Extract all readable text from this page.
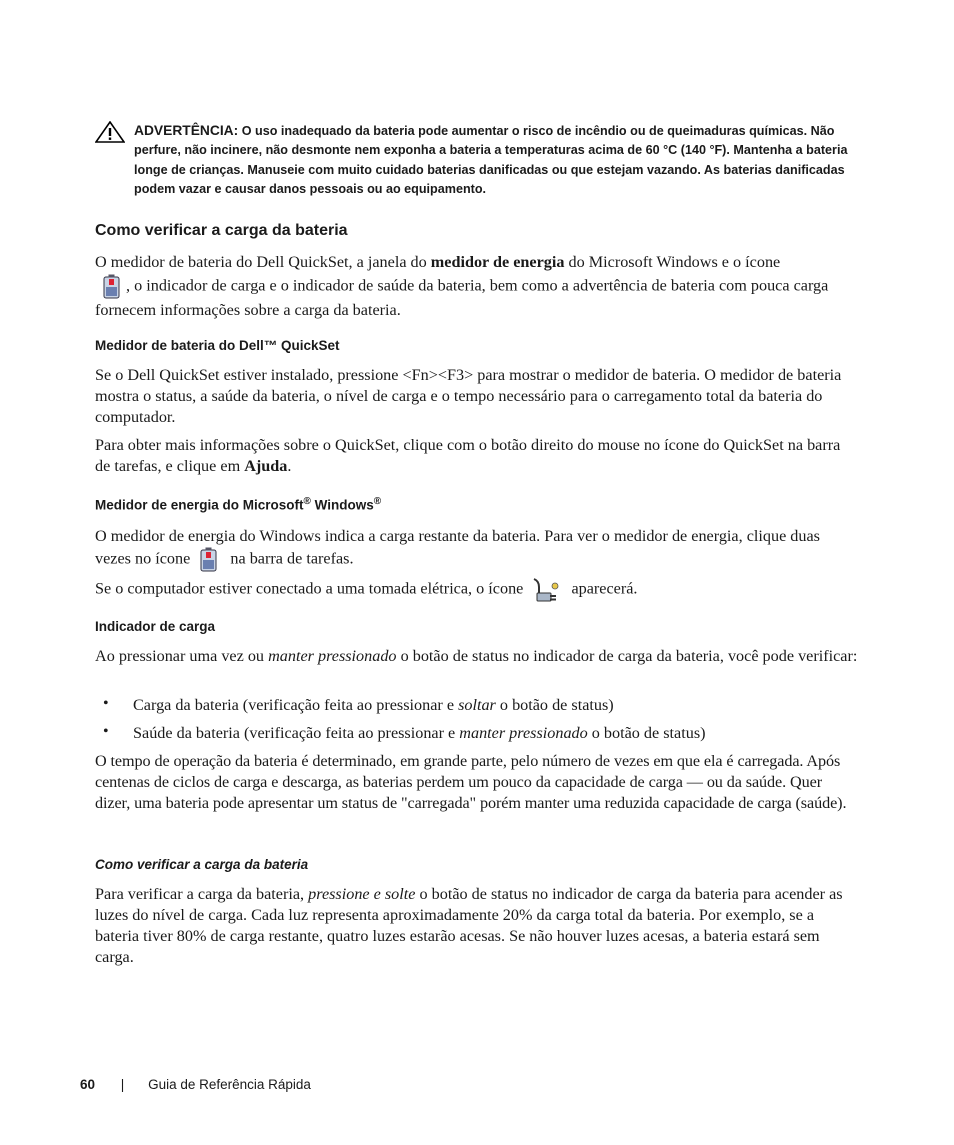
ADVERTÊNCIA: O uso inadequado da bateria pode aumentar o risco de incêndio ou de queimaduras químicas. Não perfure, não incinere, não desmonte nem exponha a bateria a temperaturas acima de 60 °C (140 °F). Mantenha a bateria longe de crianças. Manuseie com muito cuidado baterias danificadas ou que estejam vazando. As baterias danificadas podem vazar e causar danos pessoais ou ao equipamento.
Como verificar a carga da bateria

O medidor de bateria do Dell QuickSet, a janela do medidor de energia do Microsoft Windows e o ícone
, o indicador de carga e o indicador de saúde da bateria, bem como a advertência de bateria com pouca carga fornecem informações sobre a carga da bateria.

Medidor de bateria do Dell™ QuickSet

Se o Dell QuickSet estiver instalado, pressione <Fn><F3> para mostrar o medidor de bateria. O medidor de bateria mostra o status, a saúde da bateria, o nível de carga e o tempo necessário para o carregamento total da bateria do computador.

Para obter mais informações sobre o QuickSet, clique com o botão direito do mouse no ícone do QuickSet na barra de tarefas, e clique em Ajuda.

Medidor de energia do Microsoft® Windows®

O medidor de energia do Windows indica a carga restante da bateria. Para ver o medidor de energia, clique duas vezes no ícone na barra de tarefas.

Se o computador estiver conectado a uma tomada elétrica, o ícone	aparecerá.

Indicador de carga

Ao pressionar uma vez ou manter pressionado o botão de status no indicador de carga da bateria, você pode verificar:

• Carga da bateria (verificação feita ao pressionar e soltar o botão de status)
• Saúde da bateria (verificação feita ao pressionar e manter pressionado o botão de status)

O tempo de operação da bateria é determinado, em grande parte, pelo número de vezes em que ela é carregada. Após centenas de ciclos de carga e descarga, as baterias perdem um pouco da capacidade de carga — ou da saúde. Quer dizer, uma bateria pode apresentar um status de "carregada" porém manter uma reduzida capacidade de carga (saúde).

Como verificar a carga da bateria

Para verificar a carga da bateria, pressione e solte o botão de status no indicador de carga da bateria para acender as luzes do nível de carga. Cada luz representa aproximadamente 20% da carga total da bateria. Por exemplo, se a bateria tiver 80% de carga restante, quatro luzes estarão acesas. Se não houver luzes acesas, a bateria estará sem carga.

60 | Guia de Referência Rápida
